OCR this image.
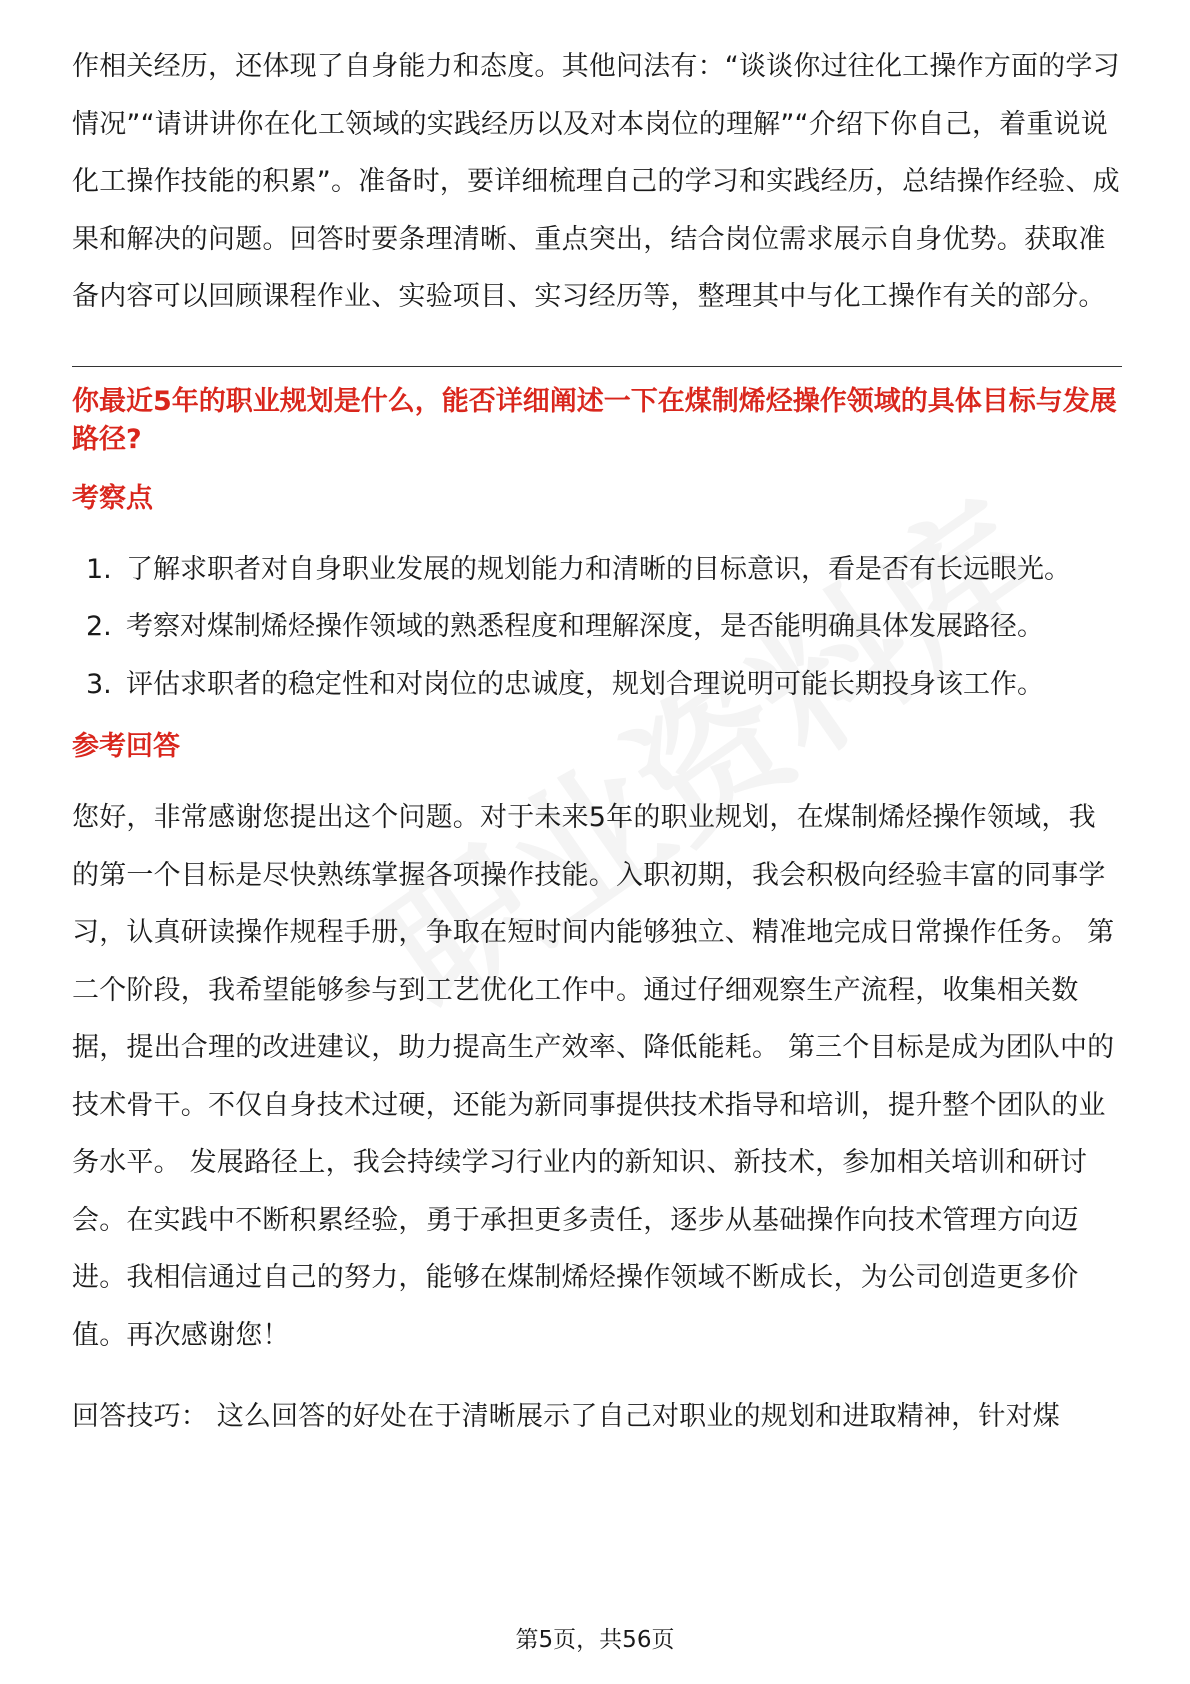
作相关经历，还体现了自身能力和态度。其他问法有：“谈谈你过往化工操作方面的学习情况”“请讲讲你在化工领域的实践经历以及对本岗位的理解”“介绍下你自己，着重说说化工操作技能的积累”。准备时，要详细梳理自己的学习和实践经历，总结操作经验、成果和解决的问题。回答时要条理清晰、重点突出，结合岗位需求展示自身优势。获取准备内容可以回顾课程作业、实验项目、实习经历等，整理其中与化工操作有关的部分。

你最近5年的职业规划是什么，能否详细阐述一下在煤制烯烃操作领域的具体目标与发展路径?

考察点
1. 了解求职者对自身职业发展的规划能力和清晰的目标意识，看是否有长远眼光。
2. 考察对煤制烯烃操作领域的熟悉程度和理解深度，是否能明确具体发展路径。
3. 评估求职者的稳定性和对岗位的忠诚度，规划合理说明可能长期投身该工作。
参考回答

您好，非常感谢您提出这个问题。对于未来5年的职业规划，在煤制烯烃操作领域，我的第一个目标是尽快熟练掌握各项操作技能。入职初期，我会积极向经验丰富的同事学习，认真研读操作规程手册，争取在短时间内能够独立、精准地完成日常操作任务。 第二个阶段，我希望能够参与到工艺优化工作中。通过仔细观察生产流程，收集相关数据，提出合理的改进建议，助力提高生产效率、降低能耗。 第三个目标是成为团队中的技术骨干。不仅自身技术过硬，还能为新同事提供技术指导和培训，提升整个团队的业务水平。 发展路径上，我会持续学习行业内的新知识、新技术，参加相关培训和研讨会。在实践中不断积累经验，勇于承担更多责任，逐步从基础操作向技术管理方向迈进。我相信通过自己的努力，能够在煤制烯烃操作领域不断成长，为公司创造更多价值。再次感谢您！

回答技巧： 这么回答的好处在于清晰展示了自己对职业的规划和进取精神，针对煤

第5页，共56页
